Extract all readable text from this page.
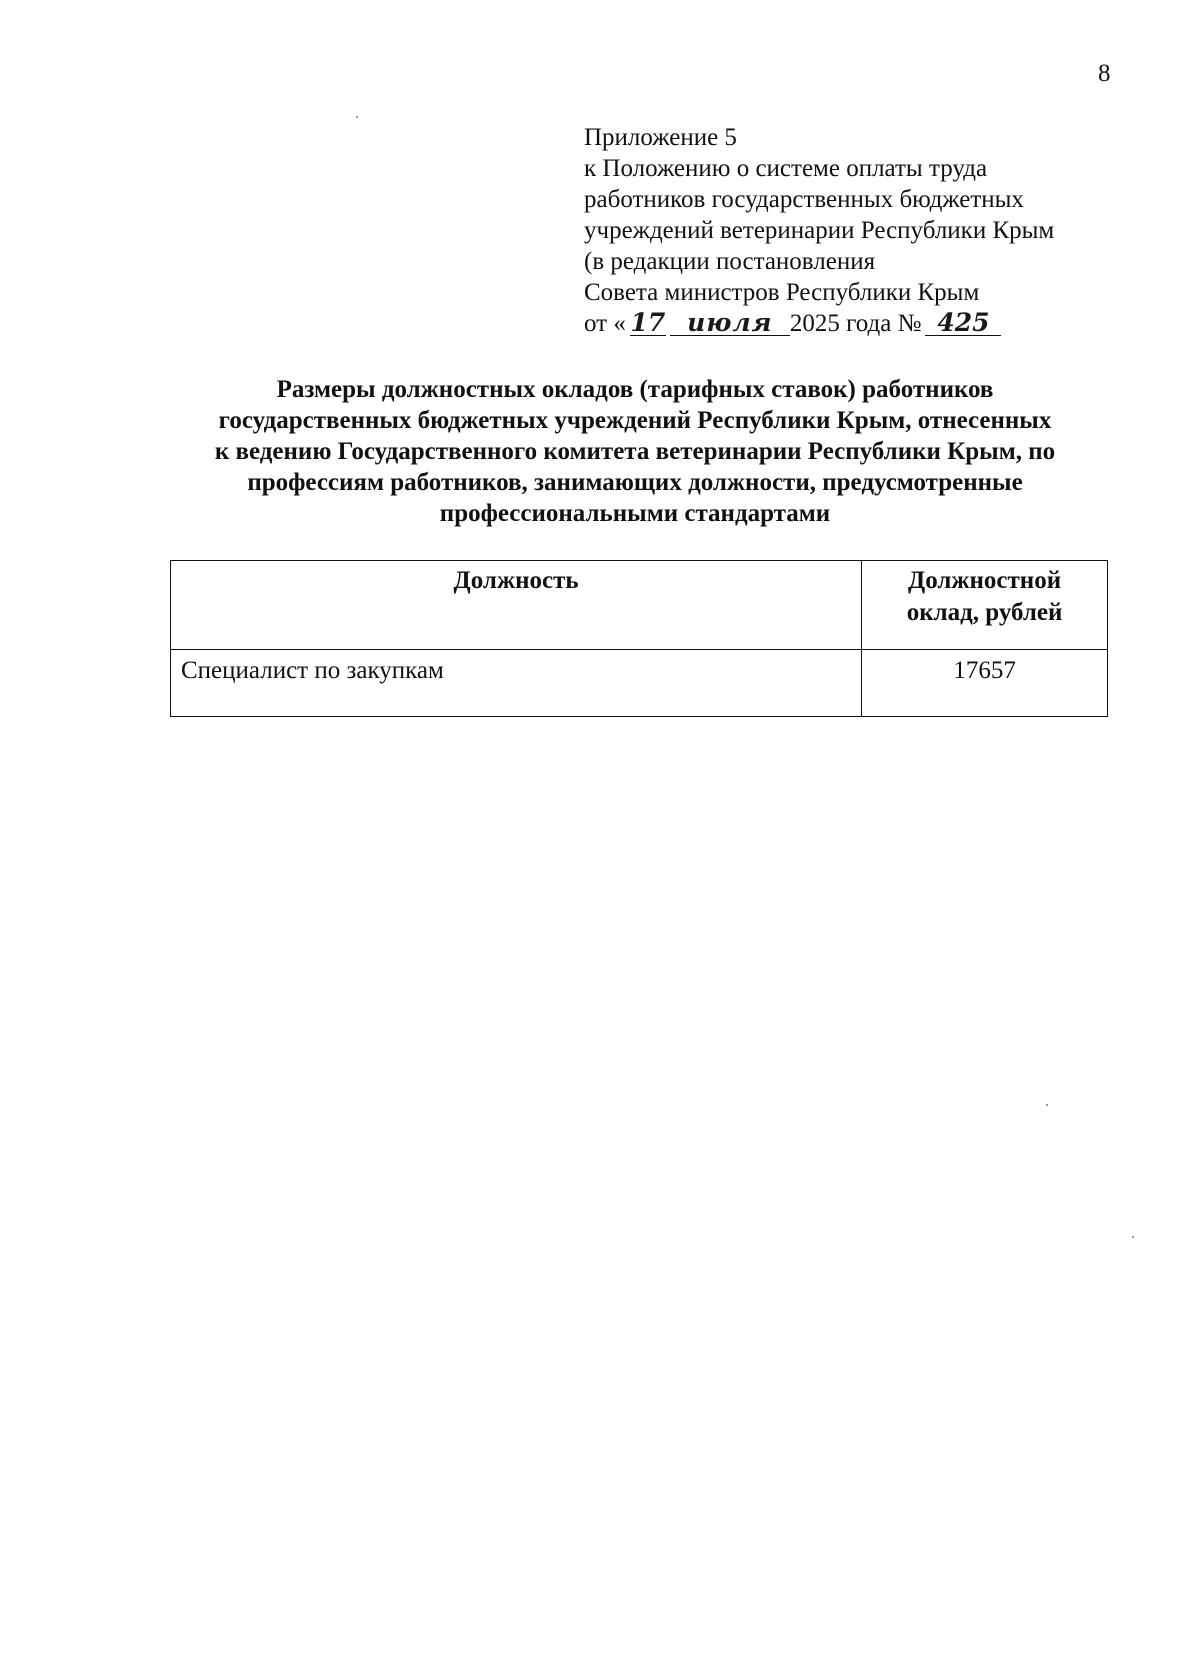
8
Приложение 5
к Положению о системе оплаты труда
работников государственных бюджетных
учреждений ветеринарии Республики Крым
(в редакции постановления
Совета министров Республики Крым
от « 17 июля 2025 года № 425
Размеры должностных окладов (тарифных ставок) работников
государственных бюджетных учреждений Республики Крым, отнесенных
к ведению Государственного комитета ветеринарии Республики Крым, по
профессиям работников, занимающих должности, предусмотренные
профессиональными стандартами
Должность	Должностной
оклад, рублей
Специалист по закупкам	17657
